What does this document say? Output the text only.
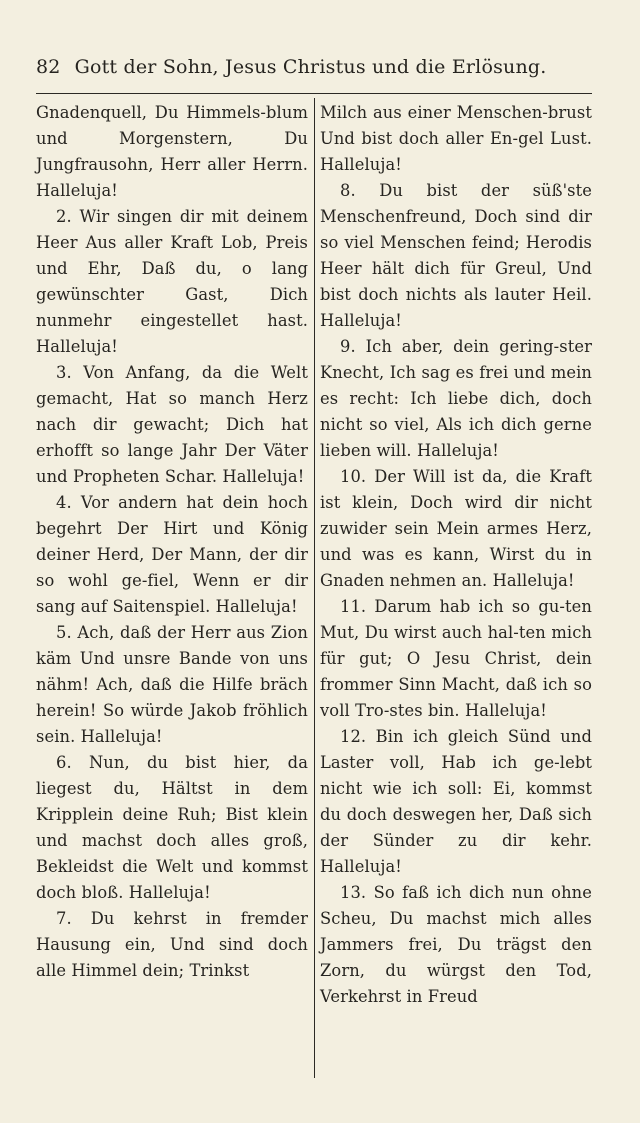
82 Gott der Sohn, Jesus Christus und die Erlösung.

Gnadenquell, Du Himmels-blum und Morgenstern, Du Jungfrausohn, Herr aller Herrn. Halleluja!

2. Wir singen dir mit deinem Heer Aus aller Kraft Lob, Preis und Ehr, Daß du, o lang gewünschter Gast, Dich nunmehr eingestellet hast. Halleluja!

3. Von Anfang, da die Welt gemacht, Hat so manch Herz nach dir gewacht; Dich hat erhofft so lange Jahr Der Väter und Propheten Schar. Halleluja!

4. Vor andern hat dein hoch begehrt Der Hirt und König deiner Herd, Der Mann, der dir so wohl ge-fiel, Wenn er dir sang auf Saitenspiel. Halleluja!

5. Ach, daß der Herr aus Zion käm Und unsre Bande von uns nähm! Ach, daß die Hilfe bräch herein! So würde Jakob fröhlich sein. Halleluja!

6. Nun, du bist hier, da liegest du, Hältst in dem Kripplein deine Ruh; Bist klein und machst doch alles groß, Bekleidst die Welt und kommst doch bloß. Halleluja!

7. Du kehrst in fremder Hausung ein, Und sind doch alle Himmel dein; Trinkst

Milch aus einer Menschen-brust Und bist doch aller En-gel Lust. Halleluja!

8. Du bist der süß'ste Menschenfreund, Doch sind dir so viel Menschen feind; Herodis Heer hält dich für Greul, Und bist doch nichts als lauter Heil. Halleluja!

9. Ich aber, dein gering-ster Knecht, Ich sag es frei und mein es recht: Ich liebe dich, doch nicht so viel, Als ich dich gerne lieben will. Halleluja!

10. Der Will ist da, die Kraft ist klein, Doch wird dir nicht zuwider sein Mein armes Herz, und was es kann, Wirst du in Gnaden nehmen an. Halleluja!

11. Darum hab ich so gu-ten Mut, Du wirst auch hal-ten mich für gut; O Jesu Christ, dein frommer Sinn Macht, daß ich so voll Tro-stes bin. Halleluja!

12. Bin ich gleich Sünd und Laster voll, Hab ich ge-lebt nicht wie ich soll: Ei, kommst du doch deswegen her, Daß sich der Sünder zu dir kehr. Halleluja!

13. So faß ich dich nun ohne Scheu, Du machst mich alles Jammers frei, Du trägst den Zorn, du würgst den Tod, Verkehrst in Freud
